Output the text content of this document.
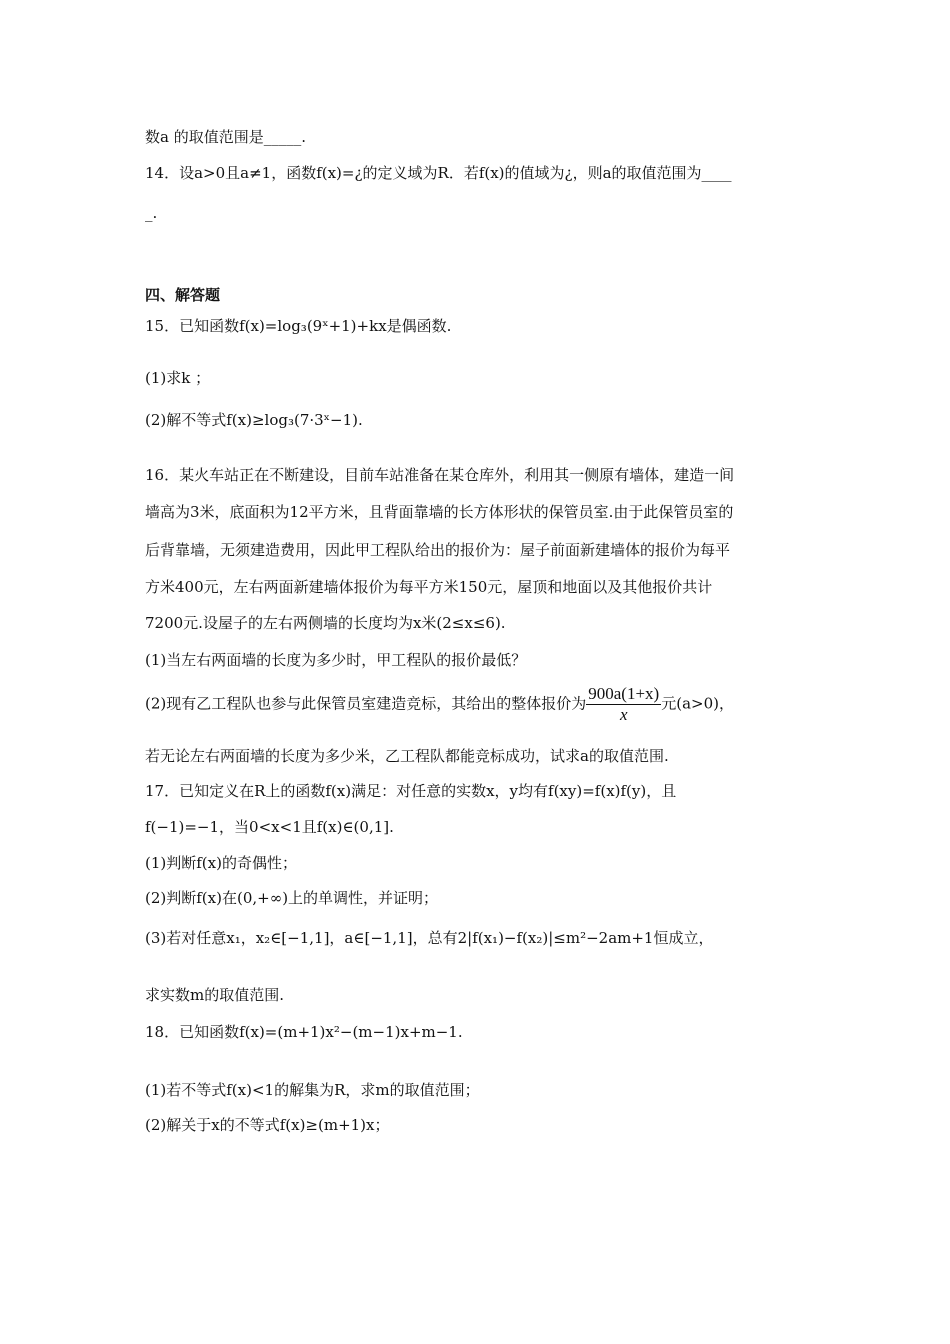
数a 的取值范围是_____.
14．设a>0且a≠1，函数f(x)=¿的定义域为R．若f(x)的值域为¿，则a的取值范围为____
_.
四、解答题
15．已知函数f(x)=log₃(9ˣ+1)+kx是偶函数.
(1)求k ；
(2)解不等式f(x)≥log₃(7·3ˣ−1).
16．某火车站正在不断建设，目前车站准备在某仓库外，利用其一侧原有墙体，建造一间
墙高为3米，底面积为12平方米，且背面靠墙的长方体形状的保管员室.由于此保管员室的
后背靠墙，无须建造费用，因此甲工程队给出的报价为：屋子前面新建墙体的报价为每平
方米400元，左右两面新建墙体报价为每平方米150元，屋顶和地面以及其他报价共计
7200元.设屋子的左右两侧墙的长度均为x米(2≤x≤6).
(1)当左右两面墙的长度为多少时，甲工程队的报价最低？
(2)现有乙工程队也参与此保管员室建造竞标，其给出的整体报价为 $\frac{900a(1+x)}{x}$ 元(a>0)，
若无论左右两面墙的长度为多少米，乙工程队都能竞标成功，试求a的取值范围.
17．已知定义在R上的函数f(x)满足：对任意的实数x，y均有f(xy)=f(x)f(y)，且
f(−1)=−1，当0<x<1且f(x)∈(0,1].
(1)判断f(x)的奇偶性；
(2)判断f(x)在(0,+∞)上的单调性，并证明；
(3)若对任意x₁，x₂∈[−1,1]，a∈[−1,1]，总有2|f(x₁)−f(x₂)|≤m²−2am+1恒成立，
求实数m的取值范围.
18．已知函数f(x)=(m+1)x²−(m−1)x+m−1.
(1)若不等式f(x)<1的解集为R，求m的取值范围；
(2)解关于x的不等式f(x)≥(m+1)x；
